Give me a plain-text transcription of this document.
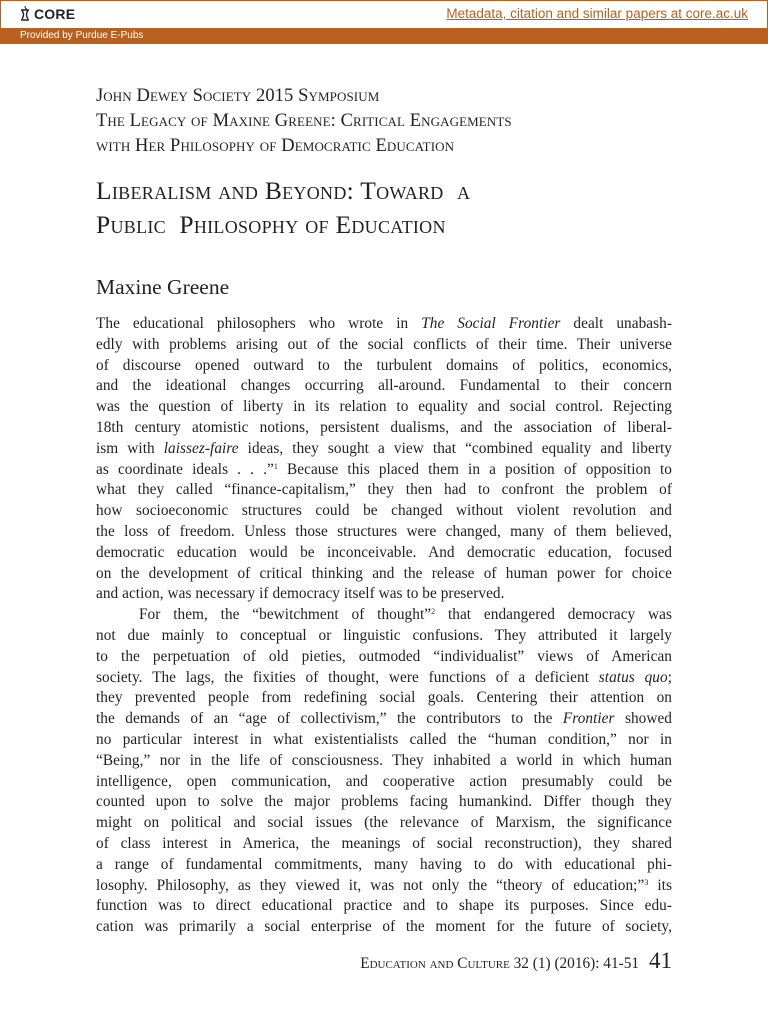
CORE	Metadata, citation and similar papers at core.ac.uk
Provided by Purdue E-Pubs
John Dewey Society 2015 Symposium
The Legacy of Maxine Greene: Critical Engagements
with Her Philosophy of Democratic Education
Liberalism and Beyond: Toward  a
Public  Philosophy of Education
Maxine Greene

The educational philosophers who wrote in The Social Frontier dealt unabash-

edly with problems arising out of the social conflicts of their time. Their universe

of discourse opened outward to the turbulent domains of politics, economics,

and the ideational changes occurring all-around. Fundamental to their concern

was the question of liberty in its relation to equality and social control. Rejecting

18th century atomistic notions, persistent dualisms, and the association of liberal-

ism with laissez-faire ideas, they sought a view that “combined equality and liberty

as coordinate ideals . . .”$^1$ Because this placed them in a position of opposition to

what they called “finance-capitalism,” they then had to confront the problem of

how socioeconomic structures could be changed without violent revolution and

the loss of freedom. Unless those structures were changed, many of them believed,

democratic education would be inconceivable. And democratic education, focused

on the development of critical thinking and the release of human power for choice

and action, was necessary if democracy itself was to be preserved.

For them, the “bewitchment of thought”$^2$ that endangered democracy was

not due mainly to conceptual or linguistic confusions. They attributed it largely

to the perpetuation of old pieties, outmoded “individualist” views of American

society. The lags, the fixities of thought, were functions of a deficient status quo;

they prevented people from redefining social goals. Centering their attention on

the demands of an “age of collectivism,” the contributors to the Frontier showed

no particular interest in what existentialists called the “human condition,” nor in

“Being,” nor in the life of consciousness. They inhabited a world in which human

intelligence, open communication, and cooperative action presumably could be

counted upon to solve the major problems facing humankind. Differ though they

might on political and social issues (the relevance of Marxism, the significance

of class interest in America, the meanings of social reconstruction), they shared

a range of fundamental commitments, many having to do with educational phi-

losophy. Philosophy, as they viewed it, was not only the “theory of education;”$^3$ its

function was to direct educational practice and to shape its purposes. Since edu-

cation was primarily a social enterprise of the moment for the future of society,

Education and Culture 32 (1) (2016): 41-51 41
